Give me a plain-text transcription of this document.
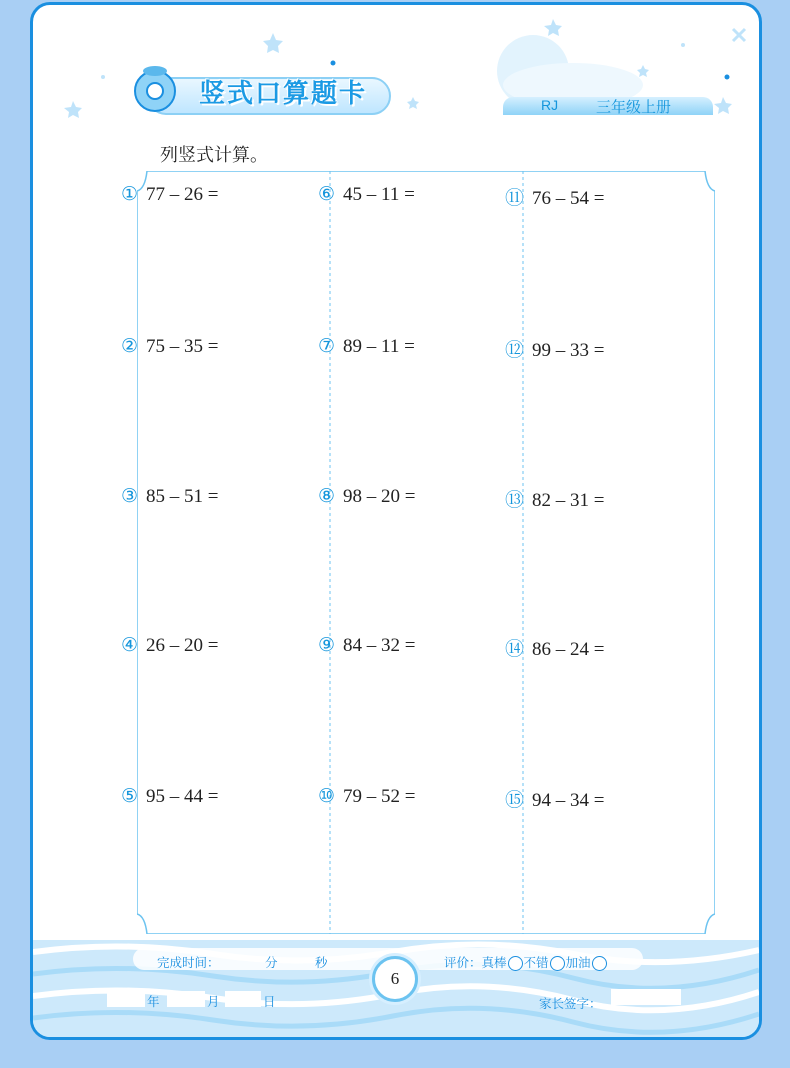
竖式口算题卡	RJ	三年级上册
列竖式计算。
① 77 – 26 =
② 75 – 35 =
③ 85 – 51 =
④ 26 – 20 =
⑤ 95 – 44 =
⑥ 45 – 11 =
⑦ 89 – 11 =
⑧ 98 – 20 =
⑨ 84 – 32 =
⑩ 79 – 52 =
⑪ 76 – 54 =
⑫ 99 – 33 =
⑬ 82 – 31 =
⑭ 86 – 24 =
⑮ 94 – 34 =
完成时间：	分	秒	评价：真棒 不错 加油
年	月	日	家长签字：
6
